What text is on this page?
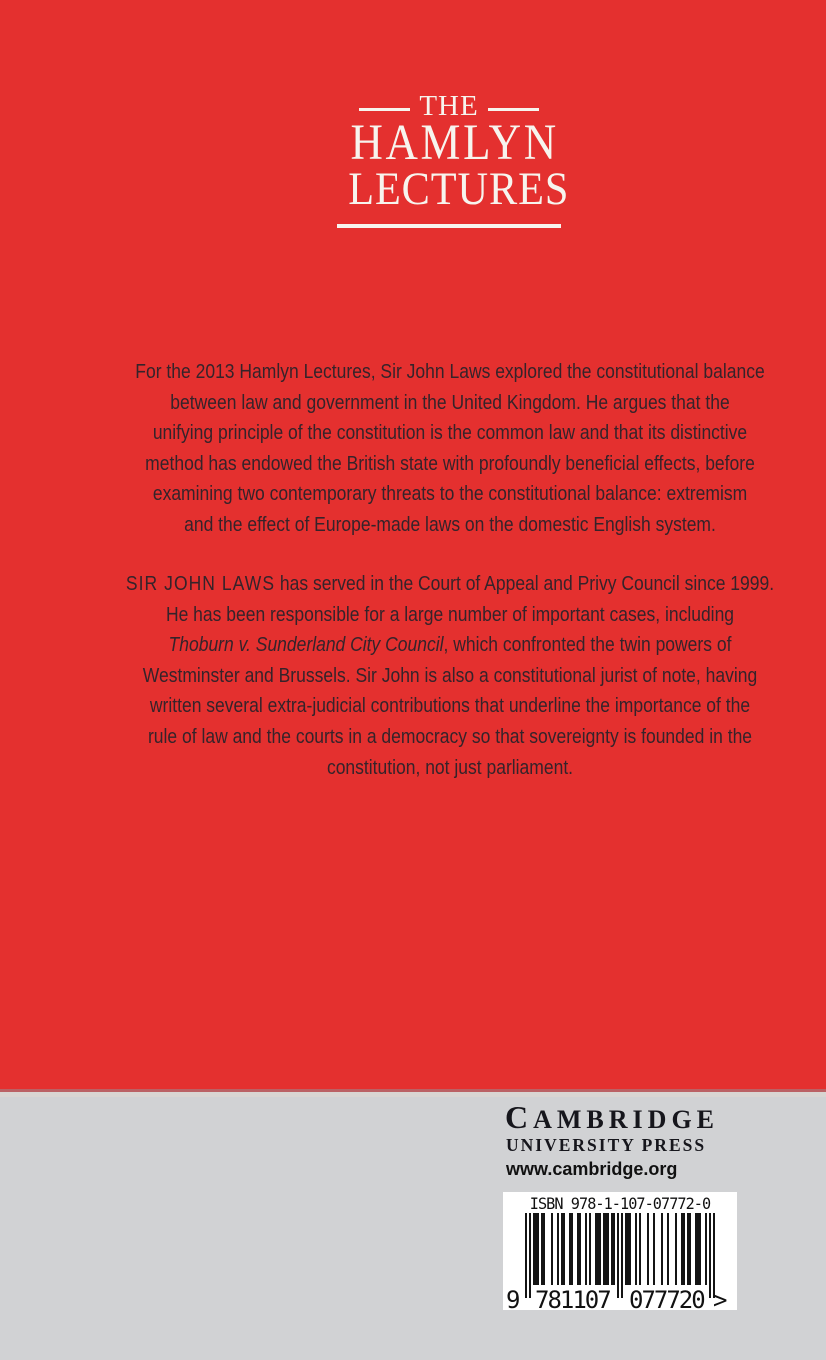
THE
HAMLYN
LECTURES
For the 2013 Hamlyn Lectures, Sir John Laws explored the constitutional balance
between law and government in the United Kingdom. He argues that the
unifying principle of the constitution is the common law and that its distinctive
method has endowed the British state with profoundly beneficial effects, before
examining two contemporary threats to the constitutional balance: extremism
and the effect of Europe-made laws on the domestic English system.
SIR JOHN LAWS has served in the Court of Appeal and Privy Council since 1999.
He has been responsible for a large number of important cases, including
Thoburn v. Sunderland City Council, which confronted the twin powers of
Westminster and Brussels. Sir John is also a constitutional jurist of note, having
written several extra-judicial contributions that underline the importance of the
rule of law and the courts in a democracy so that sovereignty is founded in the
constitution, not just parliament.
CAMBRIDGE
UNIVERSITY PRESS
www.cambridge.org
ISBN 978-1-107-07772-0
9 781107 077720 >
